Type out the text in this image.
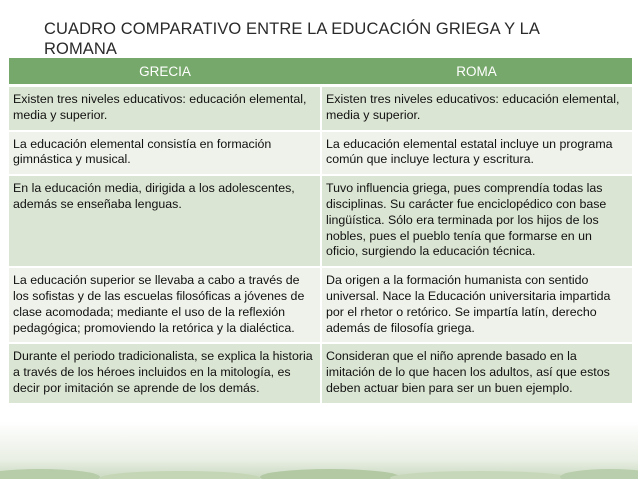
CUADRO COMPARATIVO ENTRE LA EDUCACIÓN GRIEGA Y LA ROMANA
GRECIA	ROMA
Existen tres niveles educativos: educación elemental, media y superior.	Existen tres niveles educativos: educación elemental, media y superior.
La educación elemental consistía en formación gimnástica y musical.	La educación elemental estatal incluye un programa común que incluye lectura y escritura.
En la educación media, dirigida a los adolescentes, además se enseñaba lenguas.	Tuvo influencia griega, pues comprendía todas las disciplinas. Su carácter fue enciclopédico con base lingüística. Sólo era terminada por los hijos de los nobles, pues el pueblo tenía que formarse en un oficio, surgiendo la educación técnica.
La educación superior se llevaba a cabo a través de los sofistas y de las escuelas filosóficas a jóvenes de clase acomodada; mediante el uso de la reflexión pedagógica; promoviendo la retórica y la dialéctica.	Da origen a la formación humanista con sentido universal. Nace la Educación universitaria impartida por el rhetor o retórico. Se impartía latín, derecho además de filosofía griega.
Durante el periodo tradicionalista, se explica la historia a través de los héroes incluidos en la mitología, es decir por imitación se aprende de los demás.	Consideran que el niño aprende basado en la imitación de lo que hacen los adultos, así que estos deben actuar bien para ser un buen ejemplo.
